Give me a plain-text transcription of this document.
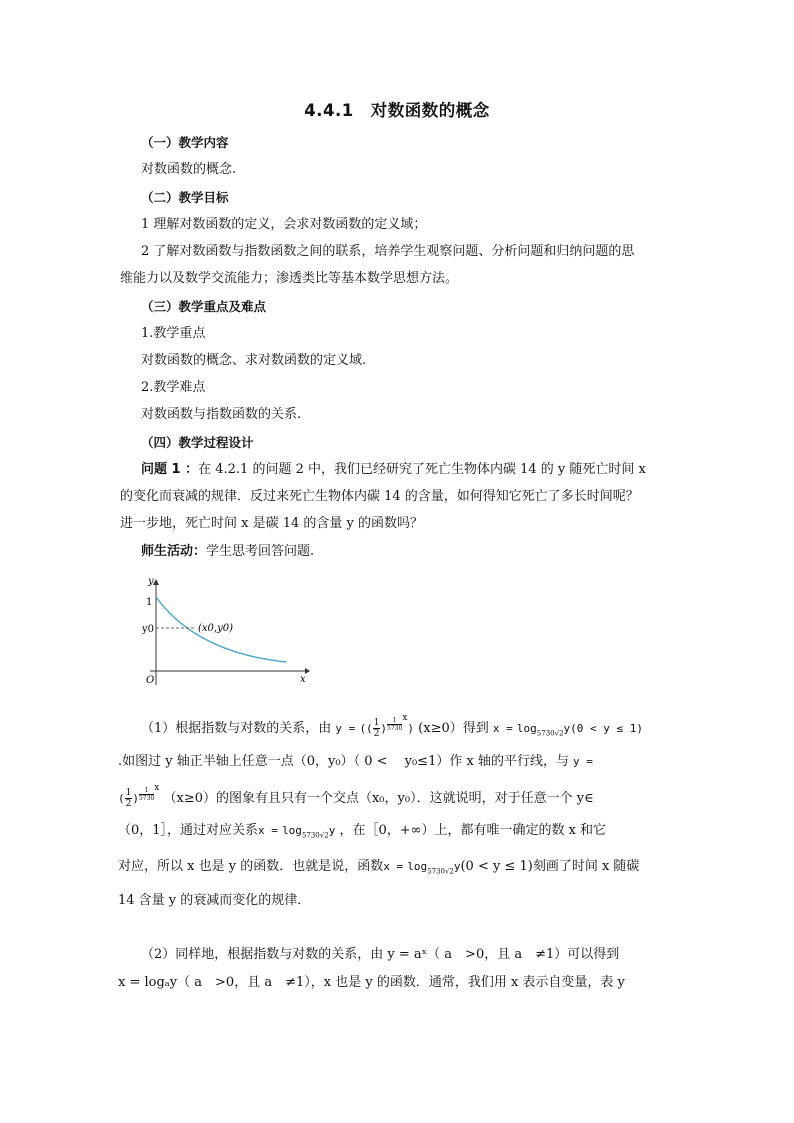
4.4.1　对数函数的概念
（一）教学内容
对数函数的概念.
（二）教学目标
1 理解对数函数的定义，会求对数函数的定义域；
2 了解对数函数与指数函数之间的联系，培养学生观察问题、分析问题和归纳问题的思
维能力以及数学交流能力；渗透类比等基本数学思想方法。
（三）教学重点及难点
1.教学重点
对数函数的概念、求对数函数的定义域.
2.教学难点
对数函数与指数函数的关系.
（四）教学过程设计
问题 1 ：在 4.2.1 的问题 2 中，我们已经研究了死亡生物体内碳 14 的 y 随死亡时间 x
的变化而衰减的规律．反过来死亡生物体内碳 14 的含量，如何得知它死亡了多长时间呢？
进一步地，死亡时间 x 是碳 14 的含量 y 的函数吗？
师生活动：学生思考回答问题.
y
x
O
1
y0	(x0,y0)
（1）根据指数与对数的关系，由 y = (( $\frac{1}{2}$ ) $^{\frac{1}{5730}}$ $^x$) (x≥0）得到 $x = \log_{5730√2}y(0 < y \le 1)$
.如图过 y 轴正半轴上任意一点（0，y₀）（ 0 <　 y₀≤1）作 x 轴的平行线，与 y =
( $\frac{1}{2}$ ) $^{\frac{1}{5730}}$ $^x$ （x≥0）的图象有且只有一个交点（x₀，y₀）．这就说明，对于任意一个 y∈
（0，1］，通过对应关系$x = \log_{5730√2}y$ ，在［0，+∞）上，都有唯一确定的数 x 和它
对应，所以 x 也是 y 的函数．也就是说，函数$x = \log_{5730√2}y(0 < y \le 1)$刻画了时间 x 随碳
14 含量 y 的衰减而变化的规律．
（2）同样地，根据指数与对数的关系，由 y = aˣ（ a　>0，且 a　≠1）可以得到
x = logₐy（ a　>0，且 a　≠1），x 也是 y 的函数．通常，我们用 x 表示自变量，表 y
